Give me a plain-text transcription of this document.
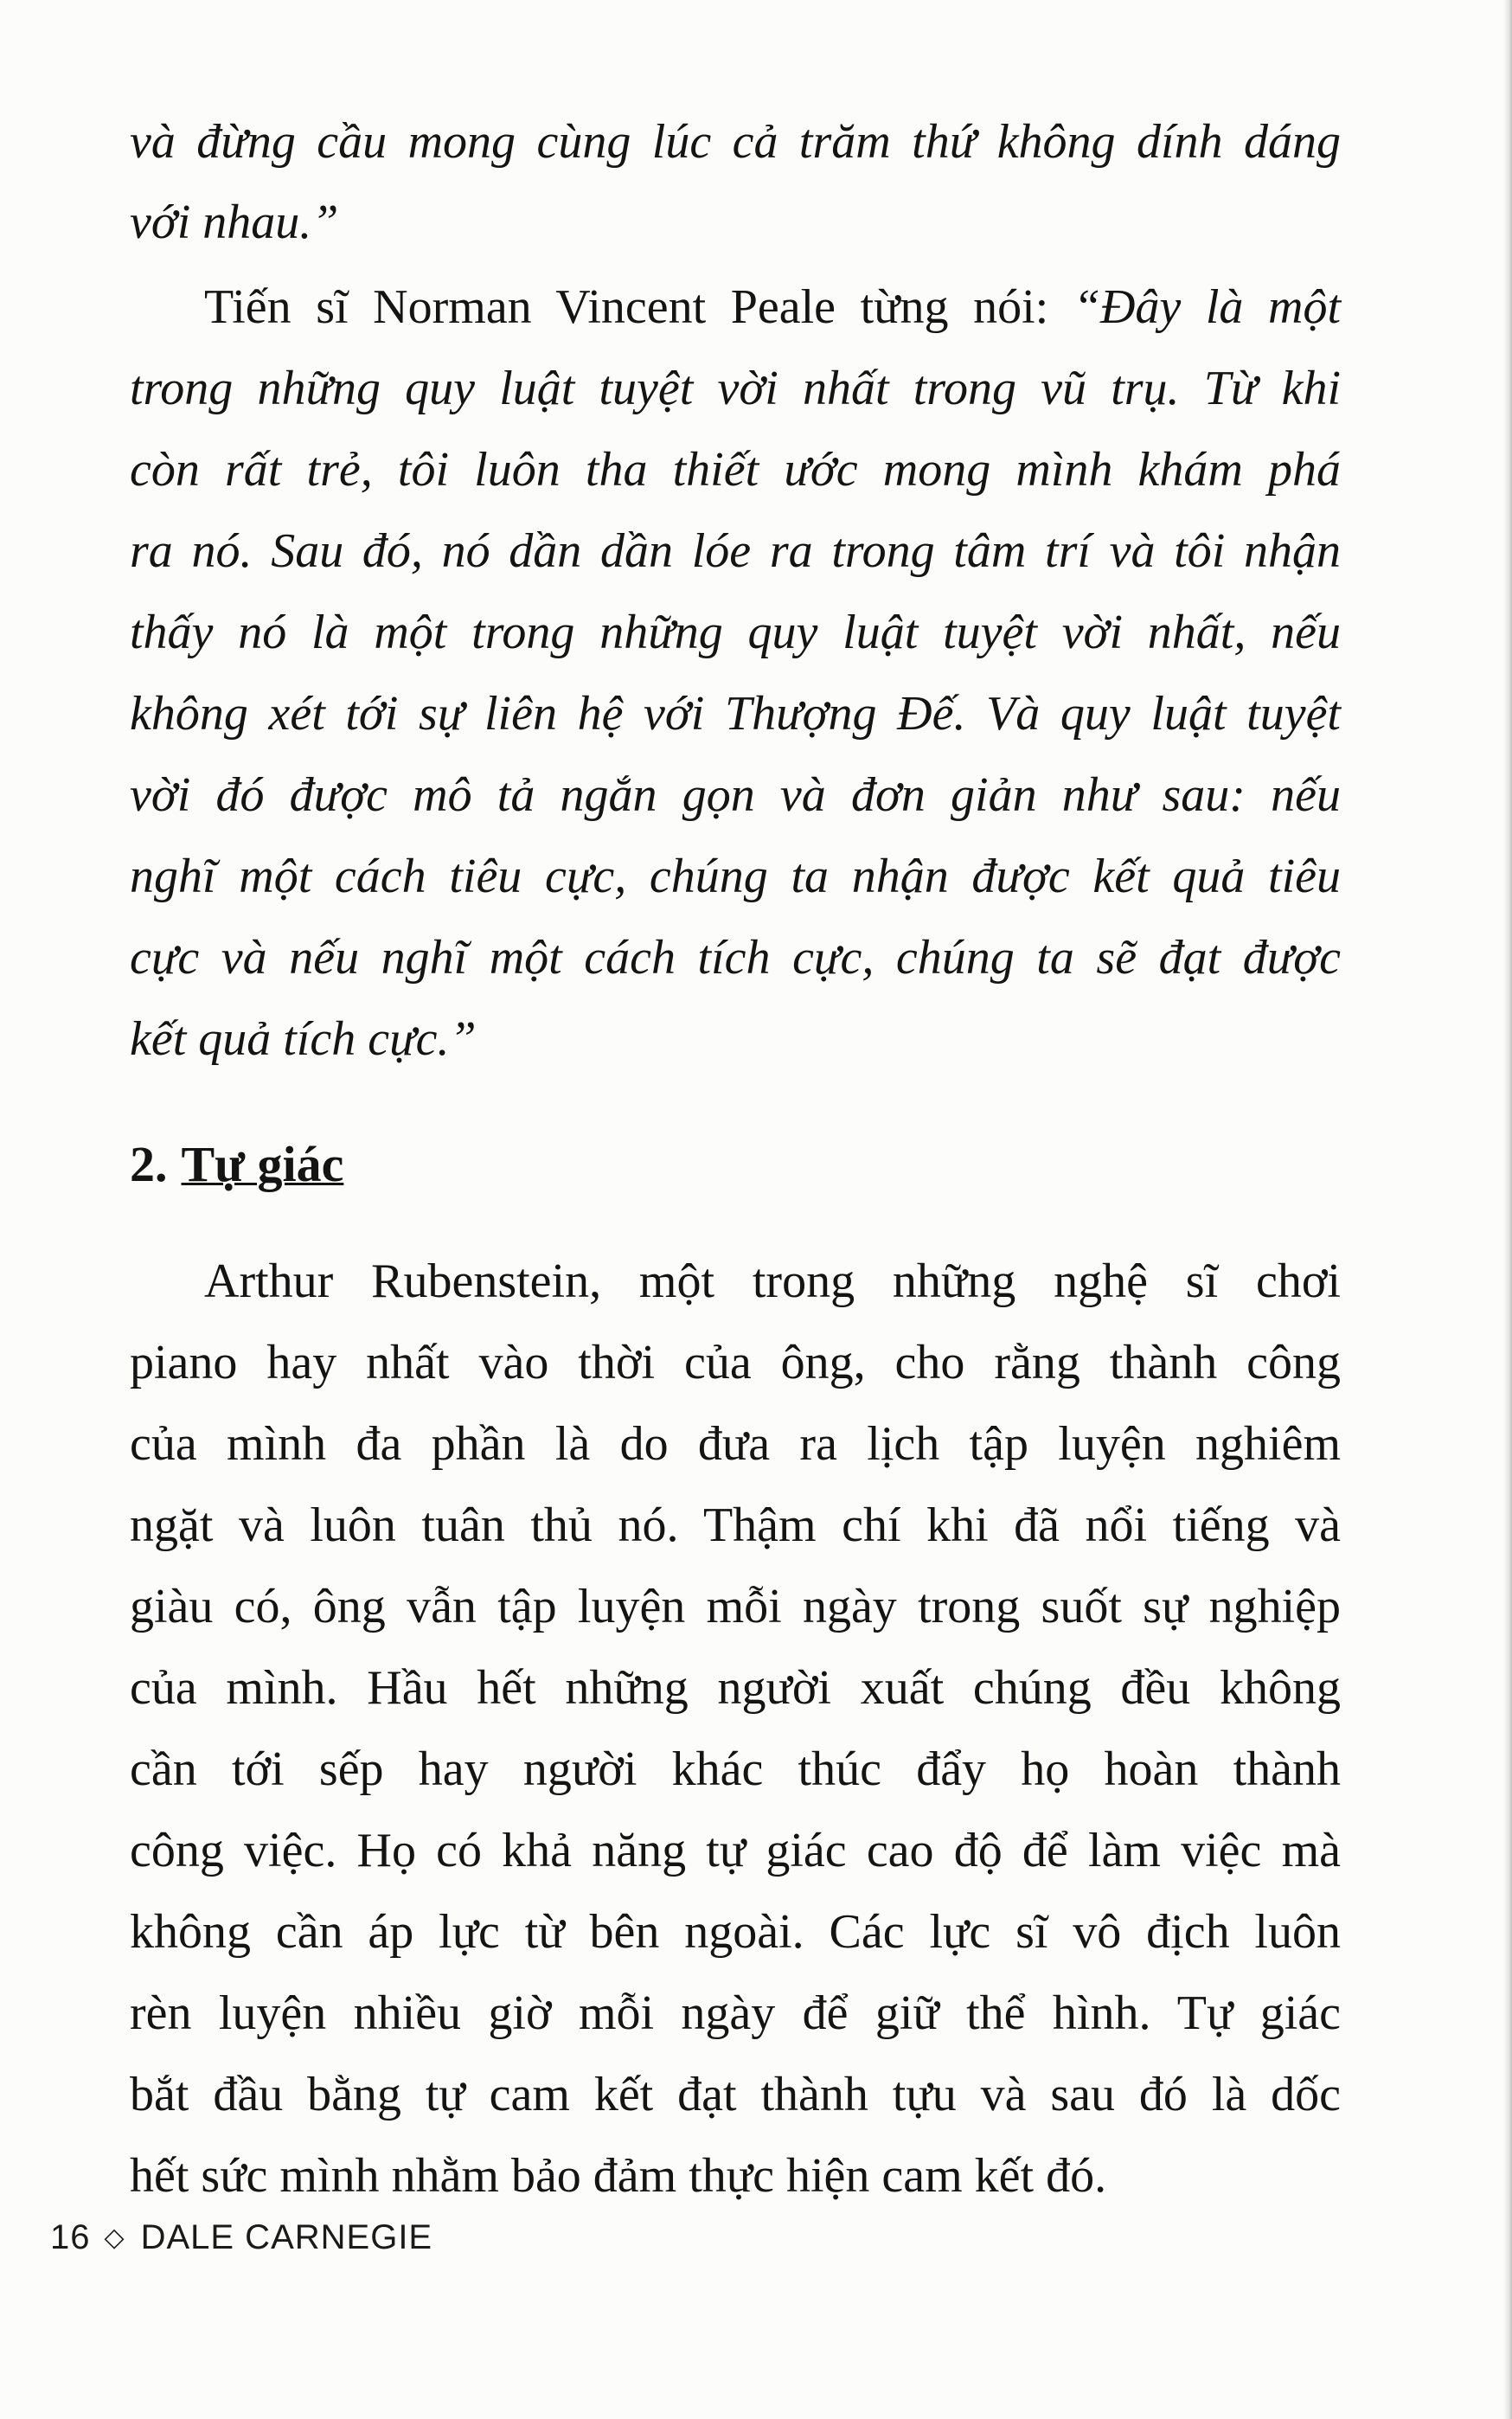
và đừng cầu mong cùng lúc cả trăm thứ không dính dáng
với nhau.”
Tiến sĩ Norman Vincent Peale từng nói: “Đây là một
trong những quy luật tuyệt vời nhất trong vũ trụ. Từ khi
còn rất trẻ, tôi luôn tha thiết ước mong mình khám phá
ra nó. Sau đó, nó dần dần lóe ra trong tâm trí và tôi nhận
thấy nó là một trong những quy luật tuyệt vời nhất, nếu
không xét tới sự liên hệ với Thượng Đế. Và quy luật tuyệt
vời đó được mô tả ngắn gọn và đơn giản như sau: nếu
nghĩ một cách tiêu cực, chúng ta nhận được kết quả tiêu
cực và nếu nghĩ một cách tích cực, chúng ta sẽ đạt được
kết quả tích cực.”
2. Tự giác
Arthur Rubenstein, một trong những nghệ sĩ chơi
piano hay nhất vào thời của ông, cho rằng thành công
của mình đa phần là do đưa ra lịch tập luyện nghiêm
ngặt và luôn tuân thủ nó. Thậm chí khi đã nổi tiếng và
giàu có, ông vẫn tập luyện mỗi ngày trong suốt sự nghiệp
của mình. Hầu hết những người xuất chúng đều không
cần tới sếp hay người khác thúc đẩy họ hoàn thành
công việc. Họ có khả năng tự giác cao độ để làm việc mà
không cần áp lực từ bên ngoài. Các lực sĩ vô địch luôn
rèn luyện nhiều giờ mỗi ngày để giữ thể hình. Tự giác
bắt đầu bằng tự cam kết đạt thành tựu và sau đó là dốc
hết sức mình nhằm bảo đảm thực hiện cam kết đó.
16 ◇ DALE CARNEGIE
